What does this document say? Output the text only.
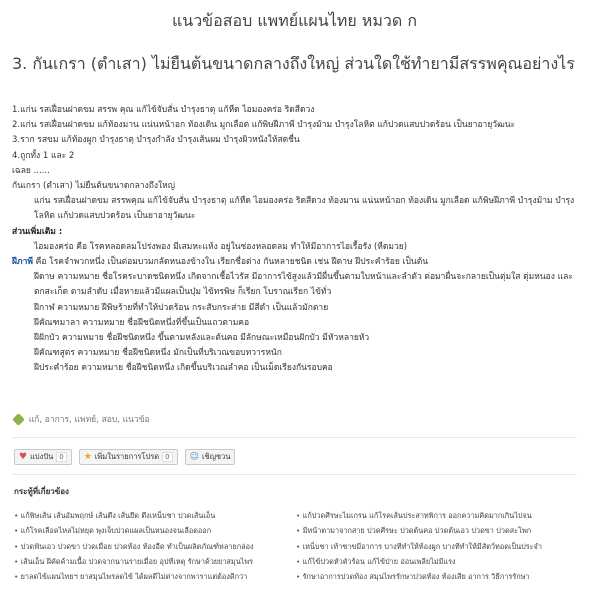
แนวข้อสอบ แพทย์แผนไทย หมวด ก
3. กันเกรา (ตำเสา) ไม่ยืนต้นขนาดกลางถึงใหญ่ ส่วนใดใช้ทำยามีสรรพคุณอย่างไร

1.แก่น รสเฝื่อนฝาดขม สรรพ คุณ แก้ไข้จับสั่น บำรุงธาตุ แก้หืด ไอมองคร่อ ริดสีดวง

2.แก่น รสเฝื่อนฝาดขม แก้ท้องมาน แน่นหน้าอก ท้องเดิน มูกเลือด แก้พิษฝีภาพี บำรุงม้าม บำรุงโลหิต แก้ปวดแสบปวดร้อน เป็นยาอายุวัฒนะ

3.ราก รสขม แก้ท้องผูก บำรุงธาตุ บำรุงกำลัง บำรุงเส้นผม บำรุงผิวหนังให้สดชื่น

4.ถูกทั้ง 1 และ 2

เฉลย ......

กันเกรา (ตำเสา) ไม่ยืนต้นขนาดกลางถึงใหญ่

แก่น รสเฝื่อนฝาดขม สรรพคุณ แก้ไข้จับสั่น บำรุงธาตุ แก้หืด ไอมองคร่อ ริดสีดวง ท้องมาน แน่นหน้าอก ท้องเดิน มูกเลือด แก้พิษฝีภาพี บำรุงม้าม บำรุงโลหิต แก้ปวดแสบปวดร้อน เป็นยาอายุวัฒนะ

ส่วนเพิ่มเติม :

ไอมองคร่อ คือ โรคหลอดลมโปร่งพอง มีเสมหะแห้ง อยู่ในช่องหลอดลม ทำให้มีอาการไอเรื้อรัง (หืดมวย)

ฝีภาพี คือ โรคจำพวกหนึ่ง เป็นต่อมบวมกลัดหนองข้างใน เรียกชื่อต่าง กันหลายชนิด เช่น ฝีดาษ ฝีประคำร้อย เป็นต้น

ฝีดาษ ความหมาย ชื่อโรคระบาดชนิดหนึ่ง เกิดจากเชื้อไวรัส มีอาการไข้สูงแล้วมีผื่นขึ้นตามใบหน้าและลำตัว ต่อมาผื่นจะกลายเป็นตุ่มใส ตุ่มหนอง และตกสะเก็ด ตามลำดับ เมื่อหายแล้วมีแผลเป็นบุ๋ม ไข้ทรพิษ ก็เรียก โบราณเรียก ไข้ทั่ว

ฝีกาฬ ความหมาย ฝีพิษร้ายที่ทำให้ปวดร้อน กระสับกระส่าย มีสีดำ เป็นแล้วมักตาย

ฝีคัณฑมาลา ความหมาย ชื่อฝีชนิดหนึ่งที่ขึ้นเป็นแถวตามคอ

ฝีฝักบัว ความหมาย ชื่อฝีชนิดหนึ่ง ขึ้นตามหลังและต้นคอ มีลักษณะเหมือนฝักบัว มีหัวหลายหัว

ฝีคัณฑสูตร ความหมาย ชื่อฝีชนิดหนึ่ง มักเป็นที่บริเวณขอบทวารหนัก

ฝีประคำร้อย ความหมาย ชื่อฝีชนิดหนึ่ง เกิดขึ้นบริเวณลำคอ เป็นเม็ดเรียงกันรอบคอ

แก้, อาการ, แพทย์, สอบ, แนวข้อ
♥ แบ่งปัน 0	★ เพิ่มในรายการโปรด 0	☺ เชิญชวน
กระทู้ที่เกี่ยวข้อง
• แก้พิษเส้น เส้นอัมพฤกษ์ เส้นตึง เส้นยึด ตึงเหน็บชา ปวดเส้นเอ็น	• แก้ปวดศีรษะไมเกรน แก้โรคเส้นประสาทพิการ ออกความคิดมากเกินไปจน
• แก้โรคเลือดไหลไม่หยุด พุงเจ็บปวดแผลเป็นหนองจนเลือดออก	• มีหน้าตามาจากสาย ปวดศีรษะ ปวดต้นคอ ปวดต้นเอว ปวดขา ปวดสะโพก
• ปวดฟันเอว ปวดขา ปวดเมื่อย ปวดท้อง ท้องอืด ทำเป็นผลิตภัณฑ์หลายกล่อง	• เหน็บชา เท้าชาขมีอาการ บางทีทำให้ท้องผูก บางทีทำให้มีสัตว์ทอดเป็นประจำ
• เส้นเอ็น ฝีคัดค้ามเนื้อ ปวดจากนานรายเมื่อย อุปทีเหตุ รักษาด้วยยาสมุนไพร	• แก้ไข้ปวดหัวตัวร้อน แก้ไข้ป่าย อ่อนเพลียไม่มีแรง
• ยาลดไข้แผนไทยฯ ยาสมุนไพรลดไข้ ได้ผลดีไม่ต่างจากพาราแต่ต้องดีกว่า	• รักษาอาการปวดท้อง สมุนไพรรักษาปวดท้อง ท้องเสีย อาการ วิธีการรักษา
